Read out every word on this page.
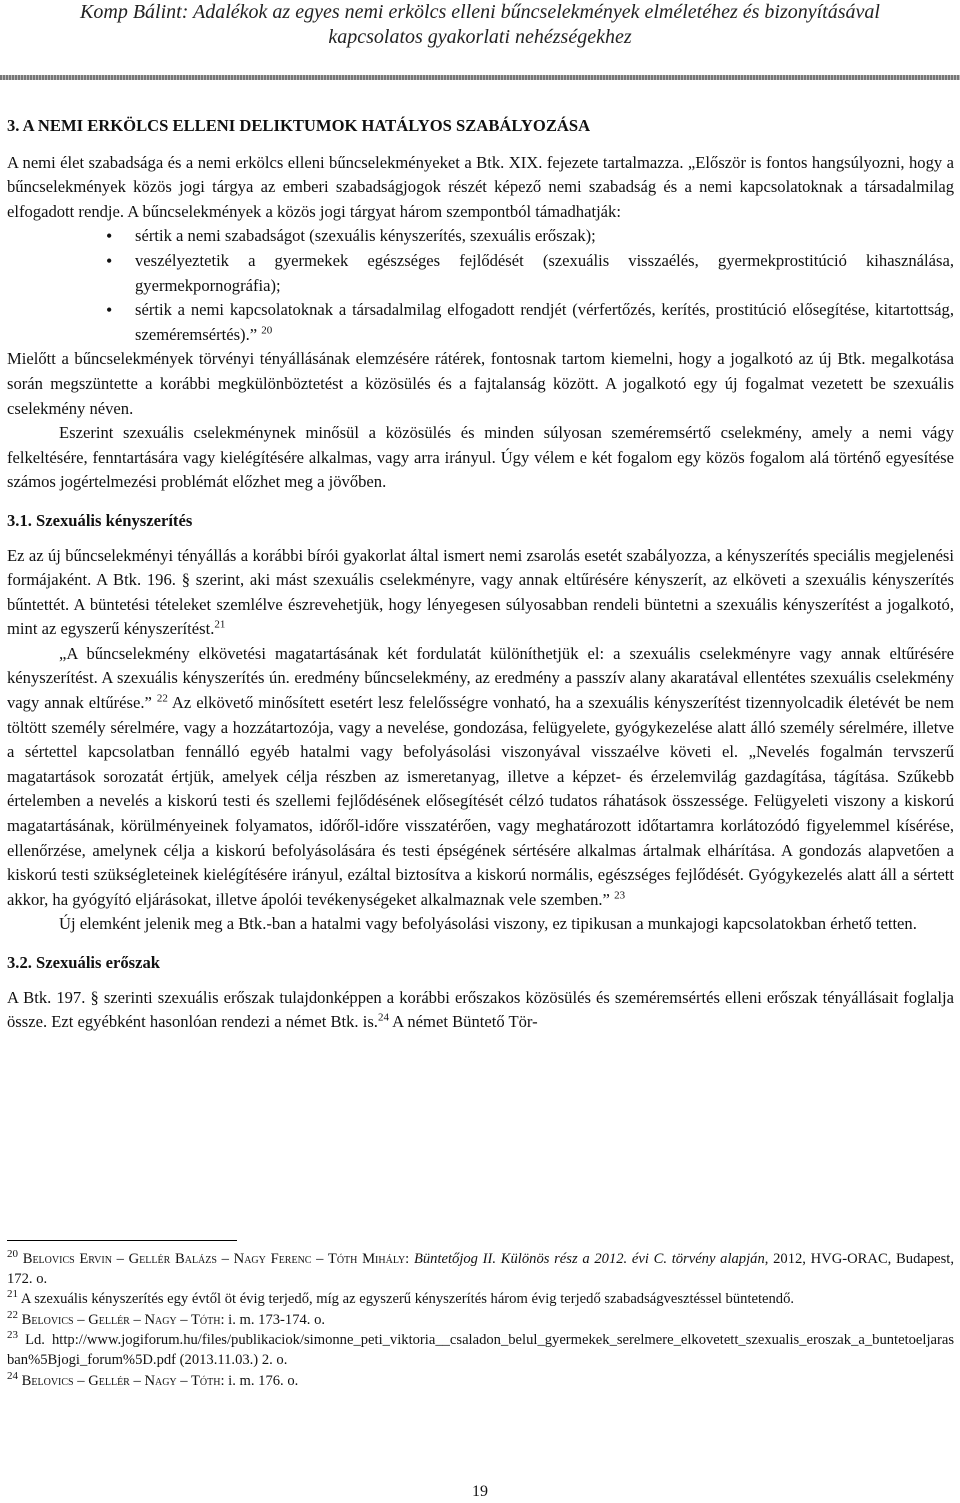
Komp Bálint: Adalékok az egyes nemi erkölcs elleni bűncselekmények elméletéhez és bizonyításával
kapcsolatos gyakorlati nehézségekhez

3. A NEMI ERKÖLCS ELLENI DELIKTUMOK HATÁLYOS SZABÁLYOZÁSA

A nemi élet szabadsága és a nemi erkölcs elleni bűncselekményeket a Btk. XIX. fejezete tartalmazza. „Először is fontos hangsúlyozni, hogy a bűncselekmények közös jogi tárgya az emberi szabadságjogok részét képező nemi szabadság és a nemi kapcsolatoknak a társadalmilag elfogadott rendje. A bűncselekmények a közös jogi tárgyat három szempontból támadhatják:

• sértik a nemi szabadságot (szexuális kényszerítés, szexuális erőszak);
• veszélyeztetik a gyermekek egészséges fejlődését (szexuális visszaélés, gyermekprostitúció kihasználása, gyermekpornográfia);
• sértik a nemi kapcsolatoknak a társadalmilag elfogadott rendjét (vérfertőzés, kerítés, prostitúció elősegítése, kitartottság, szeméremsértés).” $^{20}$

Mielőtt a bűncselekmények törvényi tényállásának elemzésére rátérek, fontosnak tartom kiemelni, hogy a jogalkotó az új Btk. megalkotása során megszüntette a korábbi megkülönböztetést a közösülés és a fajtalanság között. A jogalkotó egy új fogalmat vezetett be szexuális cselekmény néven.

Eszerint szexuális cselekménynek minősül a közösülés és minden súlyosan szeméremsértő cselekmény, amely a nemi vágy felkeltésére, fenntartására vagy kielégítésére alkalmas, vagy arra irányul. Úgy vélem e két fogalom egy közös fogalom alá történő egyesítése számos jogértelmezési problémát előzhet meg a jövőben.

3.1. Szexuális kényszerítés

Ez az új bűncselekményi tényállás a korábbi bírói gyakorlat által ismert nemi zsarolás esetét szabályozza, a kényszerítés speciális megjelenési formájaként. A Btk. 196. § szerint, aki mást szexuális cselekményre, vagy annak eltűrésére kényszerít, az elköveti a szexuális kényszerítés bűntettét. A büntetési tételeket szemlélve észrevehetjük, hogy lényegesen súlyosabban rendeli büntetni a szexuális kényszerítést a jogalkotó, mint az egyszerű kényszerítést.$^{21}$

„A bűncselekmény elkövetési magatartásának két fordulatát különíthetjük el: a szexuális cselekményre vagy annak eltűrésére kényszerítést. A szexuális kényszerítés ún. eredmény bűncselekmény, az eredmény a passzív alany akaratával ellentétes szexuális cselekmény vagy annak eltűrése.” $^{22}$ Az elkövető minősített esetért lesz felelősségre vonható, ha a szexuális kényszerítést tizennyolcadik életévét be nem töltött személy sérelmére, vagy a hozzátartozója, vagy a nevelése, gondozása, felügyelete, gyógykezelése alatt álló személy sérelmére, illetve a sértettel kapcsolatban fennálló egyéb hatalmi vagy befolyásolási viszonyával visszaélve követi el. „Nevelés fogalmán tervszerű magatartások sorozatát értjük, amelyek célja részben az ismeretanyag, illetve a képzet- és érzelemvilág gazdagítása, tágítása. Szűkebb értelemben a nevelés a kiskorú testi és szellemi fejlődésének elősegítését célzó tudatos ráhatások összessége. Felügyeleti viszony a kiskorú magatartásának, körülményeinek folyamatos, időről-időre visszatérően, vagy meghatározott időtartamra korlátozódó figyelemmel kísérése, ellenőrzése, amelynek célja a kiskorú befolyásolására és testi épségének sértésére alkalmas ártalmak elhárítása. A gondozás alapvetően a kiskorú testi szükségleteinek kielégítésére irányul, ezáltal biztosítva a kiskorú normális, egészséges fejlődését. Gyógykezelés alatt áll a sértett akkor, ha gyógyító eljárásokat, illetve ápolói tevékenységeket alkalmaznak vele szemben.” $^{23}$

Új elemként jelenik meg a Btk.-ban a hatalmi vagy befolyásolási viszony, ez tipikusan a munkajogi kapcsolatokban érhető tetten.

3.2. Szexuális erőszak

A Btk. 197. § szerinti szexuális erőszak tulajdonképpen a korábbi erőszakos közösülés és szeméremsértés elleni erőszak tényállásait foglalja össze. Ezt egyébként hasonlóan rendezi a német Btk. is.$^{24}$ A német Büntető Tör-

$^{20}$ Belovics Ervin – Gellér Balázs – Nagy Ferenc – Tóth Mihály: Büntetőjog II. Különös rész a 2012. évi C. törvény alapján, 2012, HVG-ORAC, Budapest, 172. o.

$^{21}$ A szexuális kényszerítés egy évtől öt évig terjedő, míg az egyszerű kényszerítés három évig terjedő szabadságvesztéssel büntetendő.

$^{22}$ Belovics – Gellér – Nagy – Tóth: i. m. 173-174. o.

$^{23}$ Ld. http://www.jogiforum.hu/files/publikaciok/simonne_peti_viktoria__csaladon_belul_gyermekek_serelmere_elkovetett_szexualis_eroszak_a_buntetoeljarasban%5Bjogi_forum%5D.pdf (2013.11.03.) 2. o.

$^{24}$ Belovics – Gellér – Nagy – Tóth: i. m. 176. o.

19
